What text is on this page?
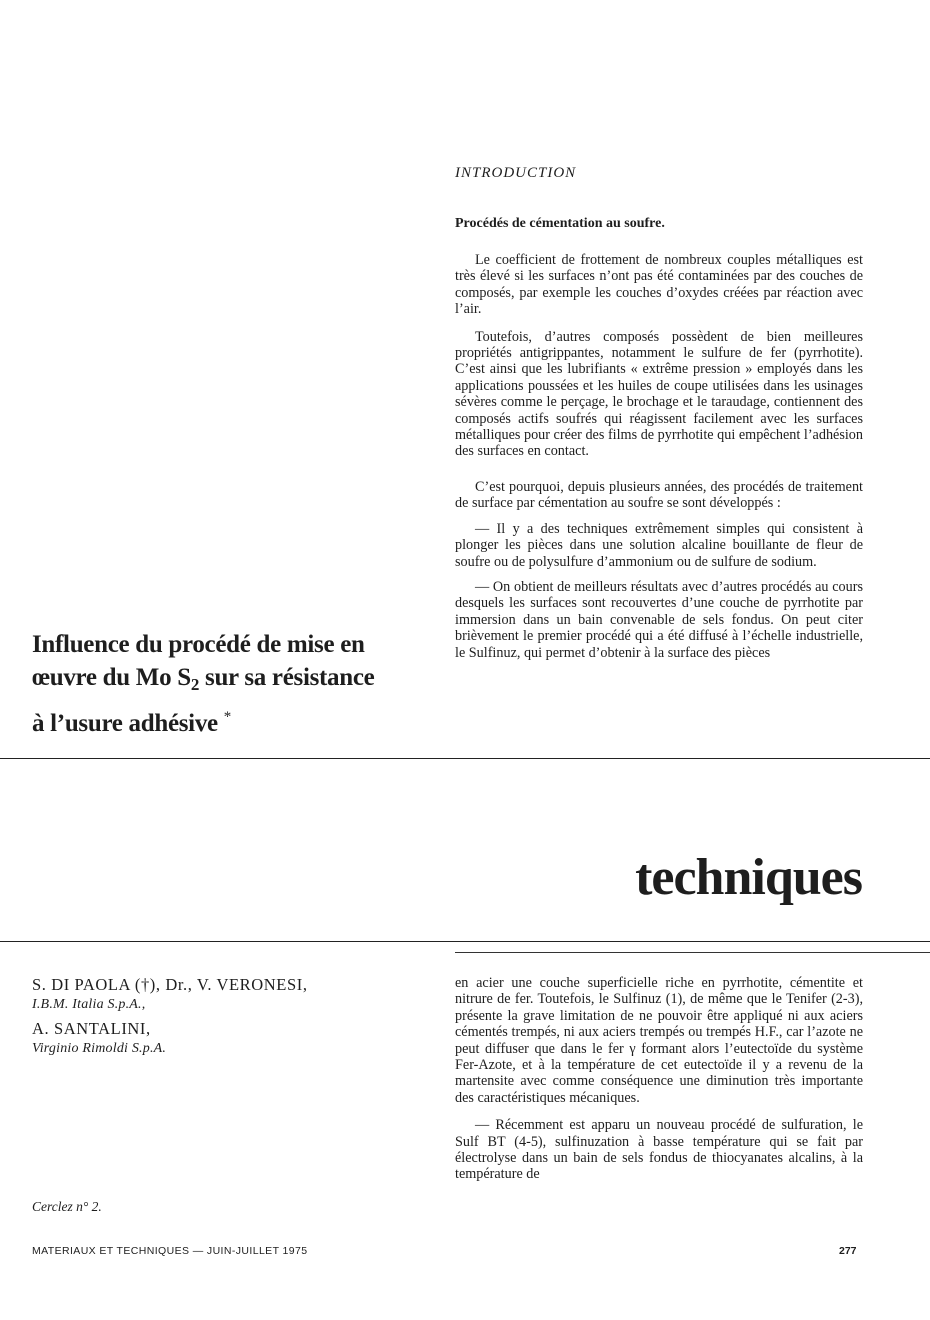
INTRODUCTION
Procédés de cémentation au soufre.

Le coefficient de frottement de nombreux couples métalliques est très élevé si les surfaces n’ont pas été contaminées par des couches de composés, par exemple les couches d’oxydes créées par réaction avec l’air.

Toutefois, d’autres composés possèdent de bien meilleures propriétés antigrippantes, notamment le sulfure de fer (pyrrhotite). C’est ainsi que les lubrifiants « extrême pression » employés dans les applications poussées et les huiles de coupe utilisées dans les usinages sévères comme le perçage, le brochage et le taraudage, contiennent des composés actifs soufrés qui réagissent facilement avec les surfaces métalliques pour créer des films de pyrrhotite qui empêchent l’adhésion des surfaces en contact.

C’est pourquoi, depuis plusieurs années, des procédés de traitement de surface par cémentation au soufre se sont développés :

— Il y a des techniques extrêmement simples qui consistent à plonger les pièces dans une solution alcaline bouillante de fleur de soufre ou de polysulfure d’ammonium ou de sulfure de sodium.

— On obtient de meilleurs résultats avec d’autres procédés au cours desquels les surfaces sont recouvertes d’une couche de pyrrhotite par immersion dans un bain convenable de sels fondus. On peut citer brièvement le premier procédé qui a été diffusé à l’échelle industrielle, le Sulfinuz, qui permet d’obtenir à la surface des pièces

Influence du procédé de mise en
œuvre du Mo $S_2$ sur sa résistance
à l’usure adhésive *
techniques
S. DI PAOLA (†), Dr., V. VERONESI,
I.B.M. Italia S.p.A.,
A. SANTALINI,
Virginio Rimoldi S.p.A.
Cerclez n° 2.

en acier une couche superficielle riche en pyrrhotite, cémentite et nitrure de fer. Toutefois, le Sulfinuz (1), de même que le Tenifer (2-3), présente la grave limitation de ne pouvoir être appliqué ni aux aciers cémentés trempés, ni aux aciers trempés ou trempés H.F., car l’azote ne peut diffuser que dans le fer γ formant alors l’eutectoïde du système Fer-Azote, et à la température de cet eutectoïde il y a revenu de la martensite avec comme conséquence une diminution très importante des caractéristiques mécaniques.

— Récemment est apparu un nouveau procédé de sulfuration, le Sulf BT (4-5), sulfinuzation à basse température qui se fait par électrolyse dans un bain de sels fondus de thiocyanates alcalins, à la température de

MATERIAUX ET TECHNIQUES — JUIN-JUILLET 1975	277
